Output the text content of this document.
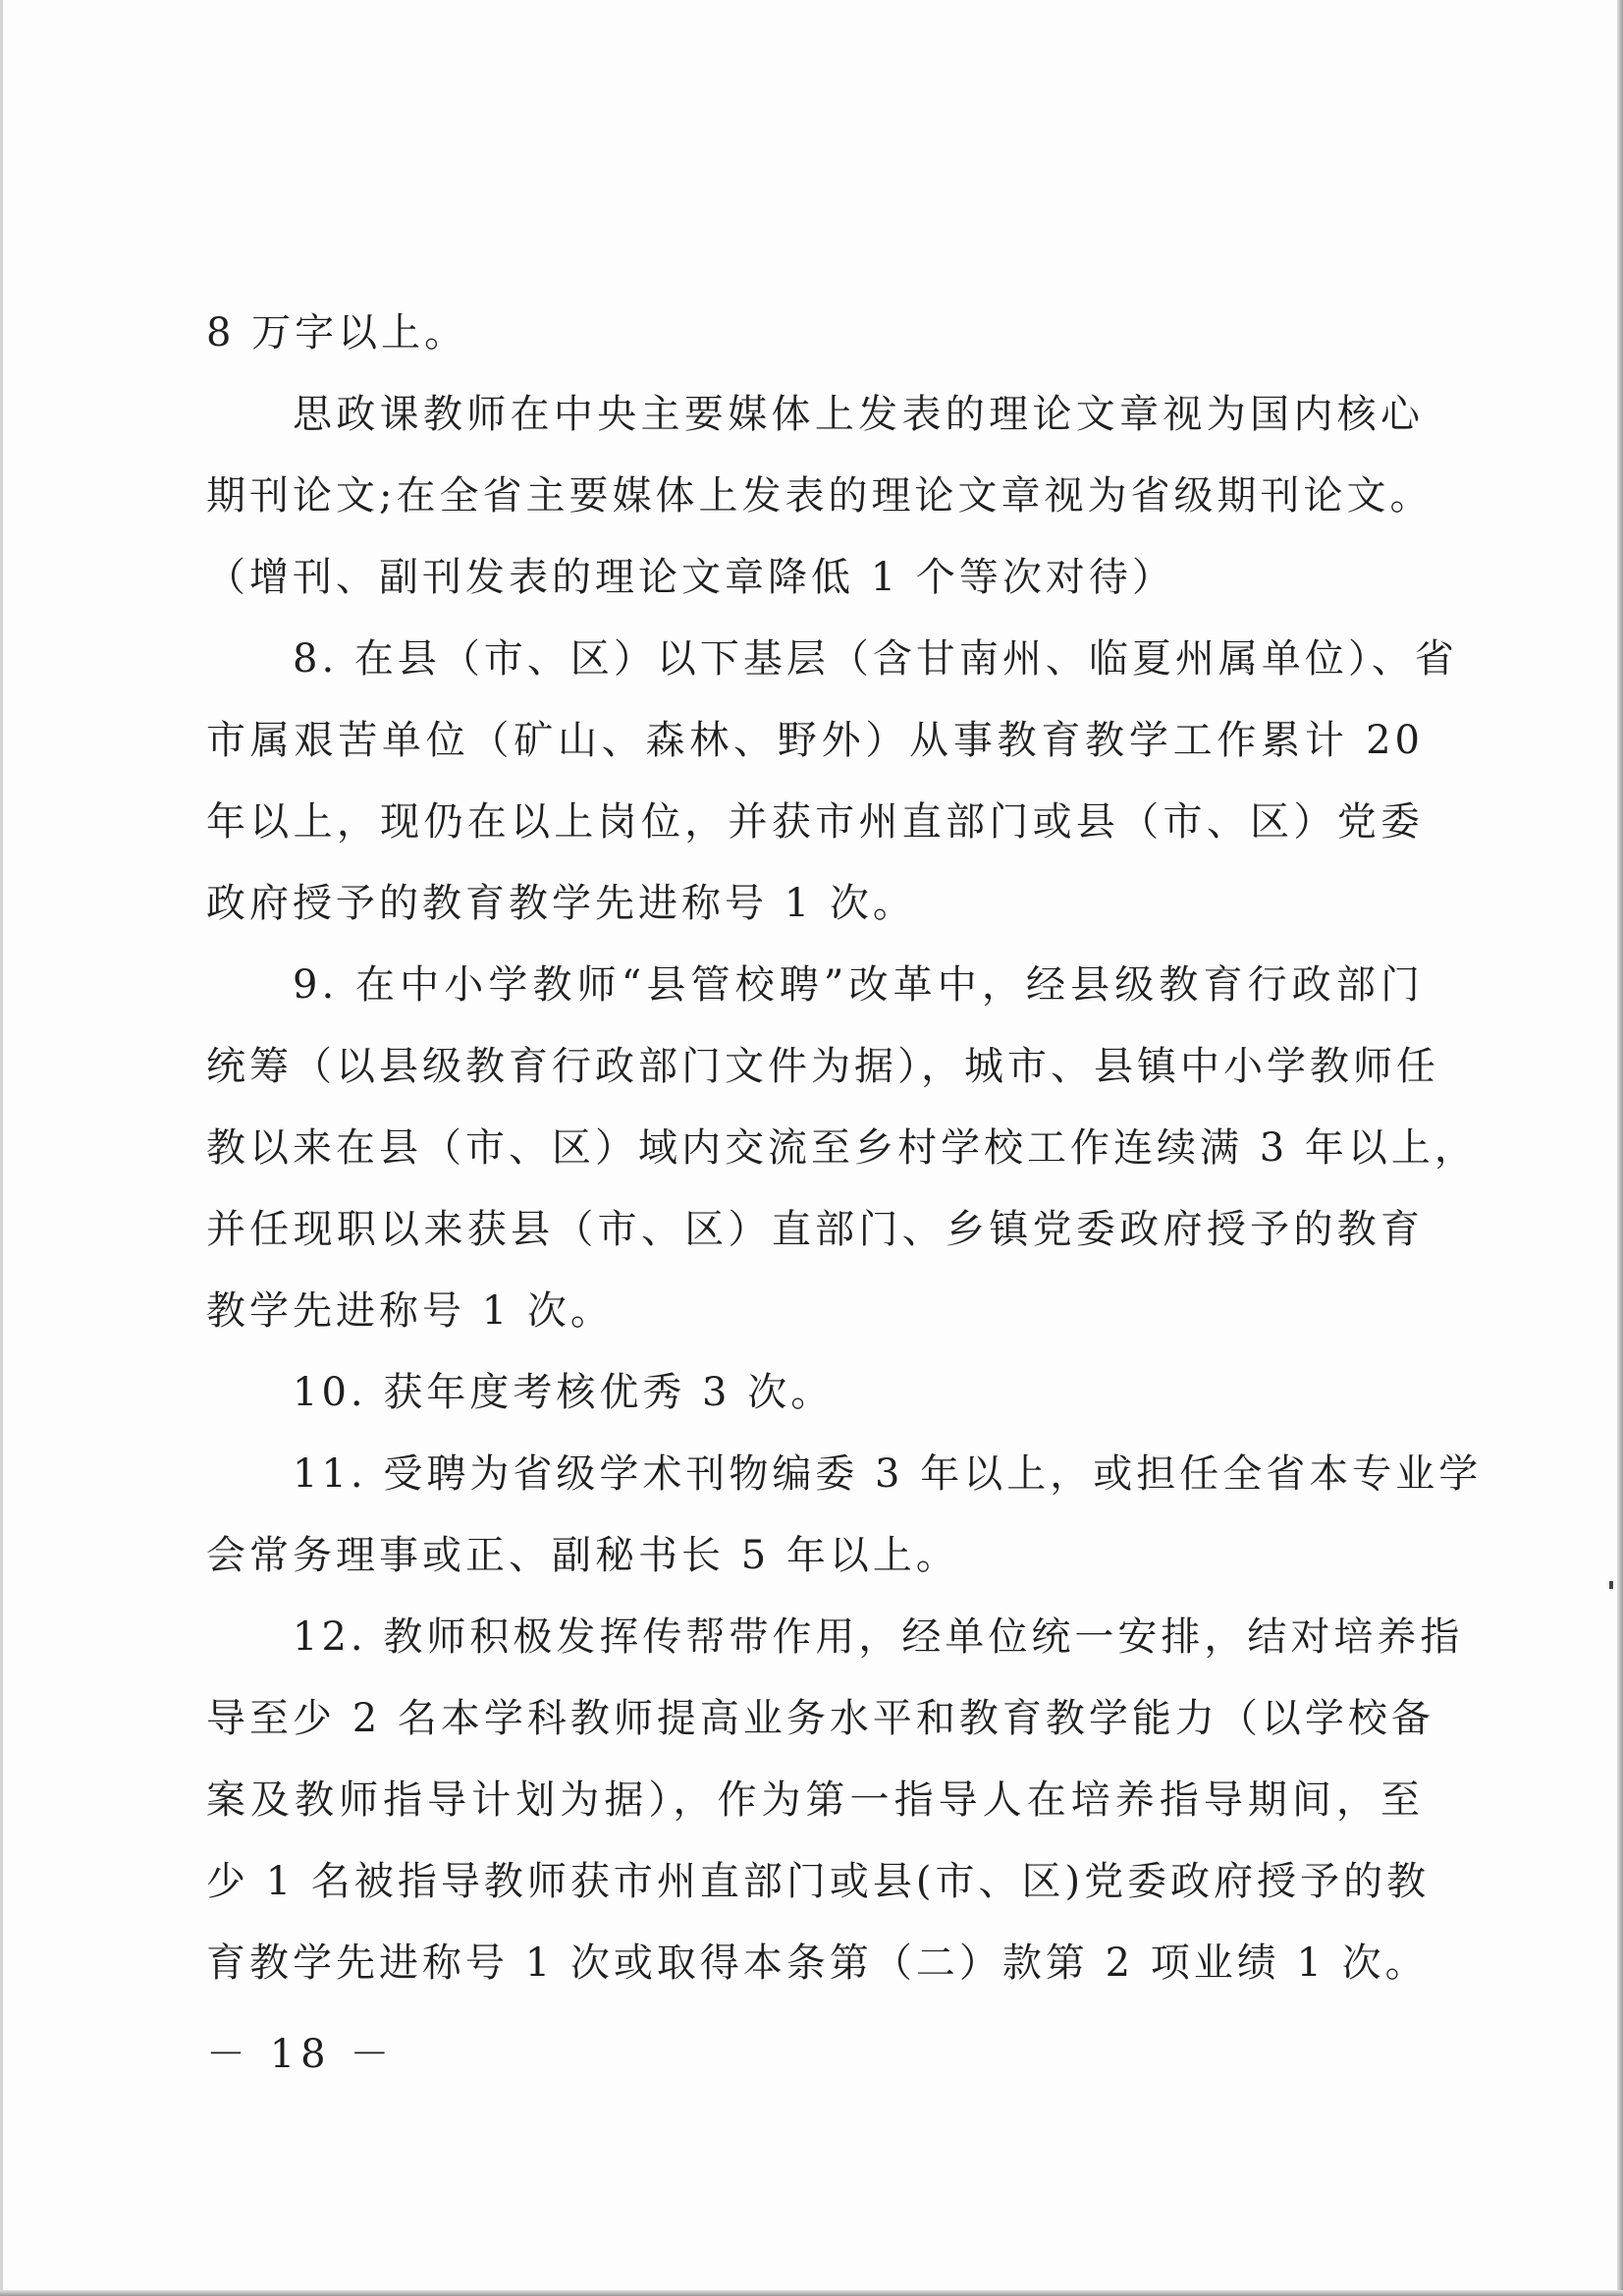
8 万字以上。
思政课教师在中央主要媒体上发表的理论文章视为国内核心
期刊论文;在全省主要媒体上发表的理论文章视为省级期刊论文。
（增刊、副刊发表的理论文章降低 1 个等次对待）
8. 在县（市、区）以下基层（含甘南州、临夏州属单位）、省
市属艰苦单位（矿山、森林、野外）从事教育教学工作累计 20
年以上，现仍在以上岗位，并获市州直部门或县（市、区）党委
政府授予的教育教学先进称号 1 次。
9. 在中小学教师“县管校聘”改革中，经县级教育行政部门
统筹（以县级教育行政部门文件为据），城市、县镇中小学教师任
教以来在县（市、区）域内交流至乡村学校工作连续满 3 年以上，
并任现职以来获县（市、区）直部门、乡镇党委政府授予的教育
教学先进称号 1 次。
10. 获年度考核优秀 3 次。
11. 受聘为省级学术刊物编委 3 年以上，或担任全省本专业学
会常务理事或正、副秘书长 5 年以上。
12. 教师积极发挥传帮带作用，经单位统一安排，结对培养指
导至少 2 名本学科教师提高业务水平和教育教学能力（以学校备
案及教师指导计划为据），作为第一指导人在培养指导期间，至
少 1 名被指导教师获市州直部门或县(市、区)党委政府授予的教
育教学先进称号 1 次或取得本条第（二）款第 2 项业绩 1 次。
－ 18 －
